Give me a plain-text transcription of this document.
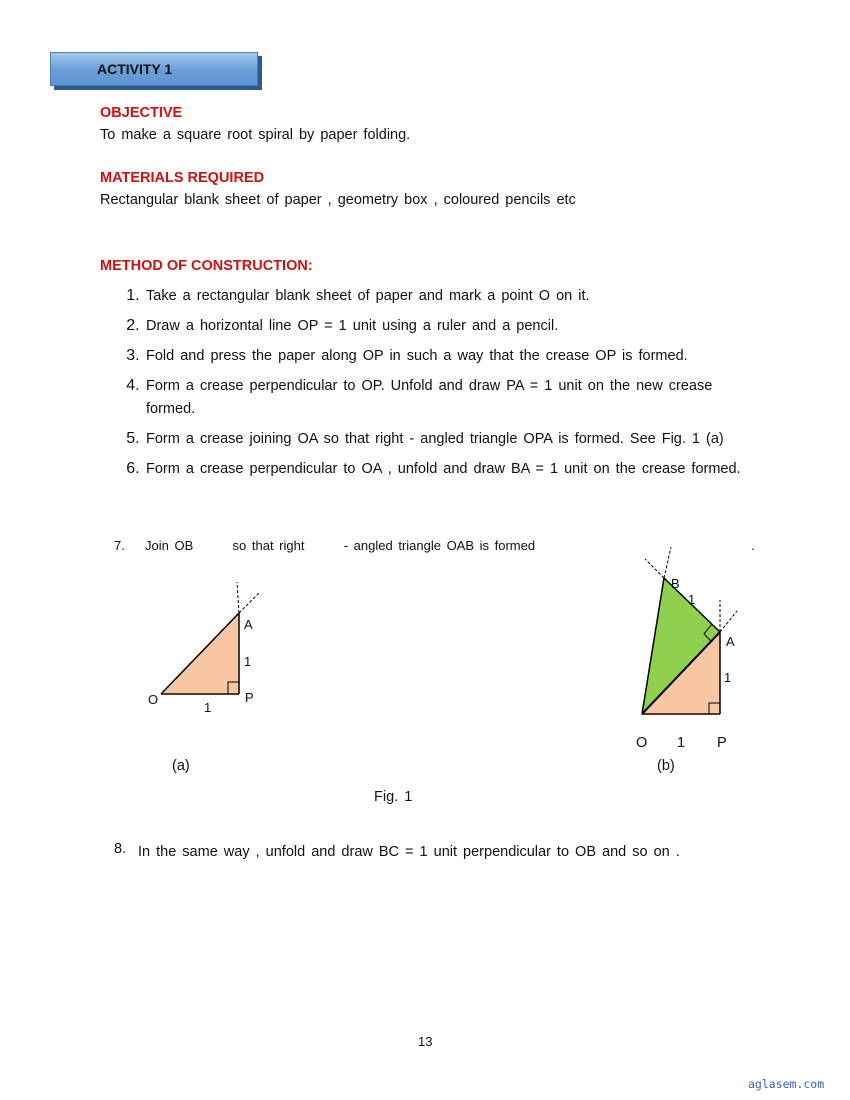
ACTIVITY 1
OBJECTIVE
To make a square root spiral by paper folding.
MATERIALS REQUIRED
Rectangular blank sheet of paper , geometry box , coloured pencils etc
METHOD OF CONSTRUCTION:
1. Take a rectangular blank sheet of paper and mark a point O on it.
2. Draw a horizontal line OP = 1 unit using a ruler and a pencil.
3. Fold and press the paper along OP in such a way that the crease OP is formed.
4. Form a crease perpendicular to OP. Unfold and draw PA = 1 unit on the new crease formed.
5. Form a crease joining OA so that right - angled triangle OPA is formed. See Fig. 1 (a)
6. Form a crease perpendicular to OA , unfold and draw BA = 1 unit on the crease formed.
7. Join OB       so that right       - angled triangle OAB is formed	.
O	P
A
1
1
(a)
O 1 P
A
1
B
1
(b)
Fig. 1
8. In the same way , unfold and draw BC = 1 unit perpendicular to OB and so on .
13
aglasem.com
